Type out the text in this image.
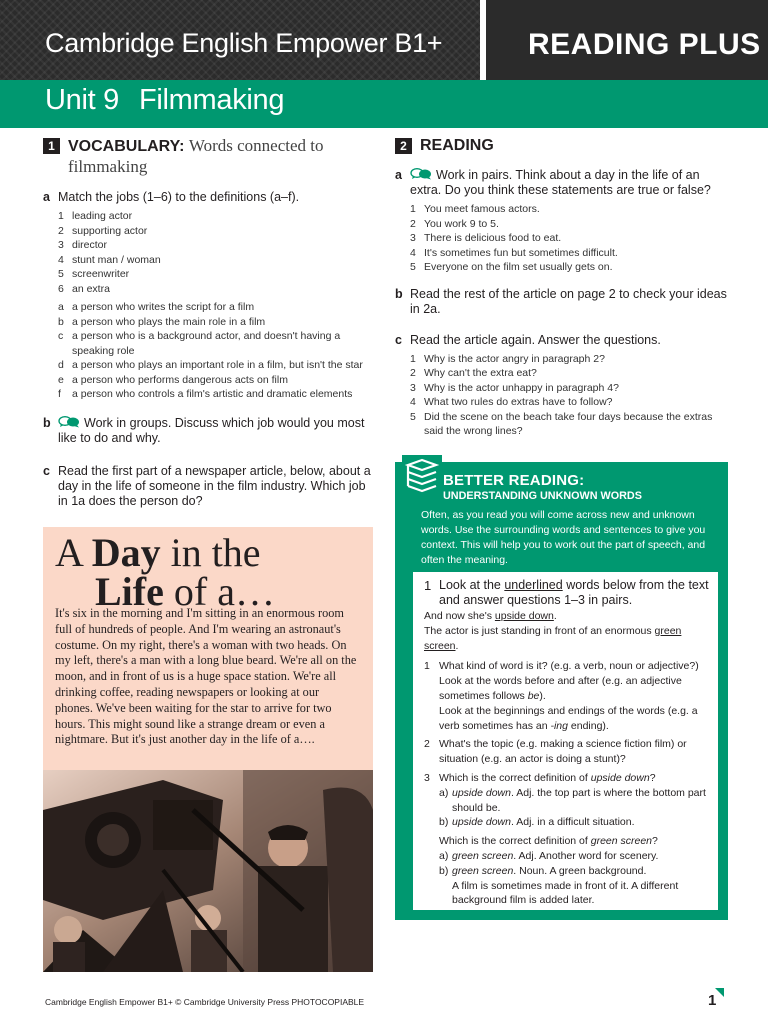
Cambridge English Empower B1+	READING PLUS
Unit 9 Filmmaking
1 VOCABULARY: Words connected to filmmaking
a Match the jobs (1–6) to the definitions (a–f).
1 leading actor
2 supporting actor
3 director
4 stunt man / woman
5 screenwriter
6 an extra
a a person who writes the script for a film
b a person who plays the main role in a film
c a person who is a background actor, and doesn't having a speaking role
d a person who plays an important role in a film, but isn't the star
e a person who performs dangerous acts on film
f	a person who controls a film's artistic and dramatic elements
b	Work in groups. Discuss which job would you most like to do and why.
c Read the first part of a newspaper article, below, about a day in the life of someone in the film industry. Which job in 1a does the person do?
A Day in the
Life of a…
It's six in the morning and I'm sitting in an enormous room full of hundreds of people. And I'm wearing an astronaut's costume. On my right, there's a woman with two heads. On my left, there's a man with a long blue beard. We're all on the moon, and in front of us is a huge space station. We're all drinking coffee, reading newspapers or looking at our phones. We've been waiting for the star to arrive for two hours. This might sound like a strange dream or even a nightmare. But it's just another day in the life of a….
2 READING
a	Work in pairs. Think about a day in the life of an extra. Do you think these statements are true or false?
1 You meet famous actors.
2 You work 9 to 5.
3 There is delicious food to eat.
4 It's sometimes fun but sometimes difficult.
5 Everyone on the film set usually gets on.
b Read the rest of the article on page 2 to check your ideas in 2a.
c Read the article again. Answer the questions.
1 Why is the actor angry in paragraph 2?
2 Why can't the extra eat?
3 Why is the actor unhappy in paragraph 4?
4 What two rules do extras have to follow?
5 Did the scene on the beach take four days because the extras said the wrong lines?
BETTER READING:
UNDERSTANDING UNKNOWN WORDS
Often, as you read you will come across new and unknown words. Use the surrounding words and sentences to give you context. This will help you to work out the part of speech, and often the meaning.
1 Look at the underlined words below from the text and answer questions 1–3 in pairs.
And now she's upside down.
The actor is just standing in front of an enormous green screen.
1 What kind of word is it? (e.g. a verb, noun or adjective?) Look at the words before and after (e.g. an adjective sometimes follows be).
Look at the beginnings and endings of the words (e.g. a verb sometimes has an -ing ending).
2 What's the topic (e.g. making a science fiction film) or situation (e.g. an actor is doing a stunt)?
3 Which is the correct definition of upside down?
a) upside down. Adj. the top part is where the bottom part should be.
b) upside down. Adj. in a difficult situation.
Which is the correct definition of green screen?
a) green screen. Adj. Another word for scenery.
b) green screen. Noun. A green background.
A film is sometimes made in front of it. A different background film is added later.
Cambridge English Empower B1+ © Cambridge University Press PHOTOCOPIABLE	1
